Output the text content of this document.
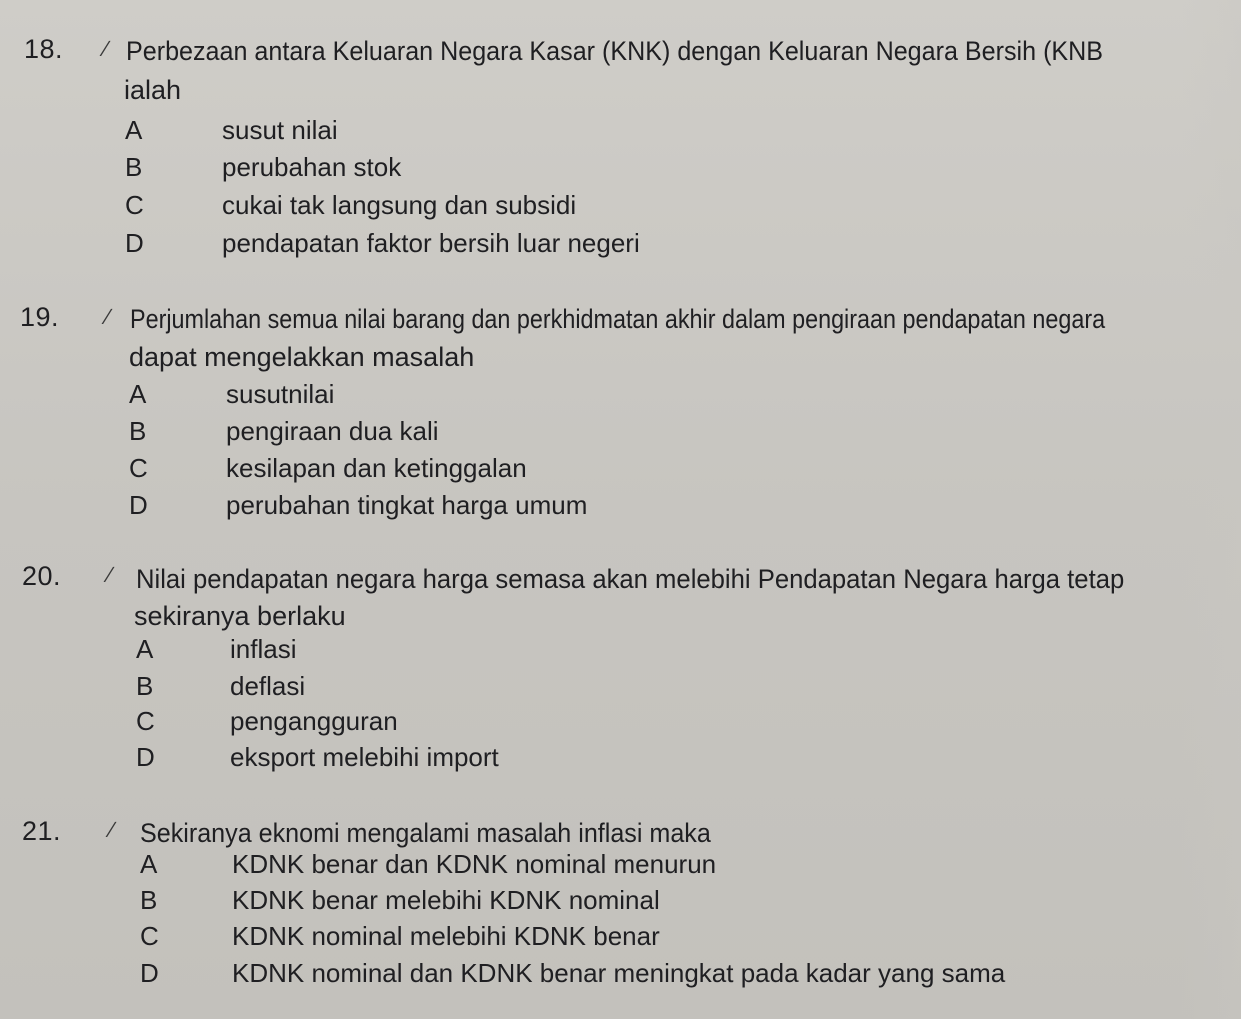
18. ∕ Perbezaan antara Keluaran Negara Kasar (KNK) dengan Keluaran Negara Bersih (KNB
ialah
A	susut nilai
B	perubahan stok
C	cukai tak langsung dan subsidi
D	pendapatan faktor bersih luar negeri
19. ∕ Perjumlahan semua nilai barang dan perkhidmatan akhir dalam pengiraan pendapatan negara
dapat mengelakkan masalah
A	susutnilai
B	pengiraan dua kali
C	kesilapan dan ketinggalan
D	perubahan tingkat harga umum
20. ∕ Nilai pendapatan negara harga semasa akan melebihi Pendapatan Negara harga tetap
sekiranya berlaku
A	inflasi
B	deflasi
C	pengangguran
D	eksport melebihi import
21. ∕ Sekiranya eknomi mengalami masalah inflasi maka
A	KDNK benar dan KDNK nominal menurun
B	KDNK benar melebihi KDNK nominal
C	KDNK nominal melebihi KDNK benar
D	KDNK nominal dan KDNK benar meningkat pada kadar yang sama
